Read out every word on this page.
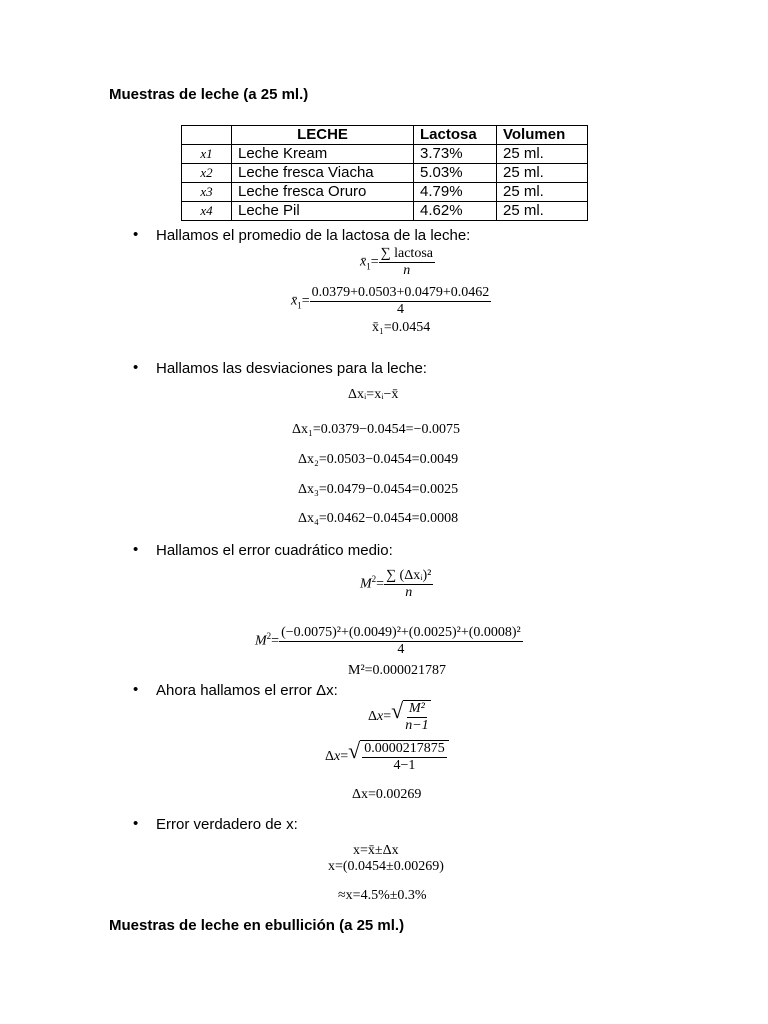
Muestras de leche (a 25 ml.)
	LECHE	Lactosa	Volumen
x1	Leche Kream	3.73%	25 ml.
x2	Leche fresca Viacha	5.03%	25 ml.
x3	Leche fresca Oruro	4.79%	25 ml.
x4	Leche Pil	4.62%	25 ml.
• Hallamos el promedio de la lactosa de la leche:
$x̄_1= \frac{\text{∑ lactosa}}{n}$
$x̄_1= \frac{0.0379+0.0503+0.0479+0.0462}{4}$
x̄₁=0.0454
• Hallamos las desviaciones para la leche:
Δxᵢ=xᵢ−x̄
Δx₁=0.0379−0.0454=−0.0075
Δx₂=0.0503−0.0454=0.0049
Δx₃=0.0479−0.0454=0.0025
Δx₄=0.0462−0.0454=0.0008
• Hallamos el error cuadrático medio:
$M^2= \frac{\text{∑ (Δxᵢ)²}}{n}$
$M^2= \frac{\text{(−0.0075)²+(0.0049)²+(0.0025)²+(0.0008)²}}{4}$
M²=0.000021787
• Ahora hallamos el error Δx:
Δx= √ $\frac{\text{M²}}{n-1}$
Δx= √ $\frac{0.0000217875}{4-1}$
Δx=0.00269
• Error verdadero de x:
x=x̄±Δx
x=(0.0454±0.00269)
≈x=4.5%±0.3%
Muestras de leche en ebullición (a 25 ml.)
